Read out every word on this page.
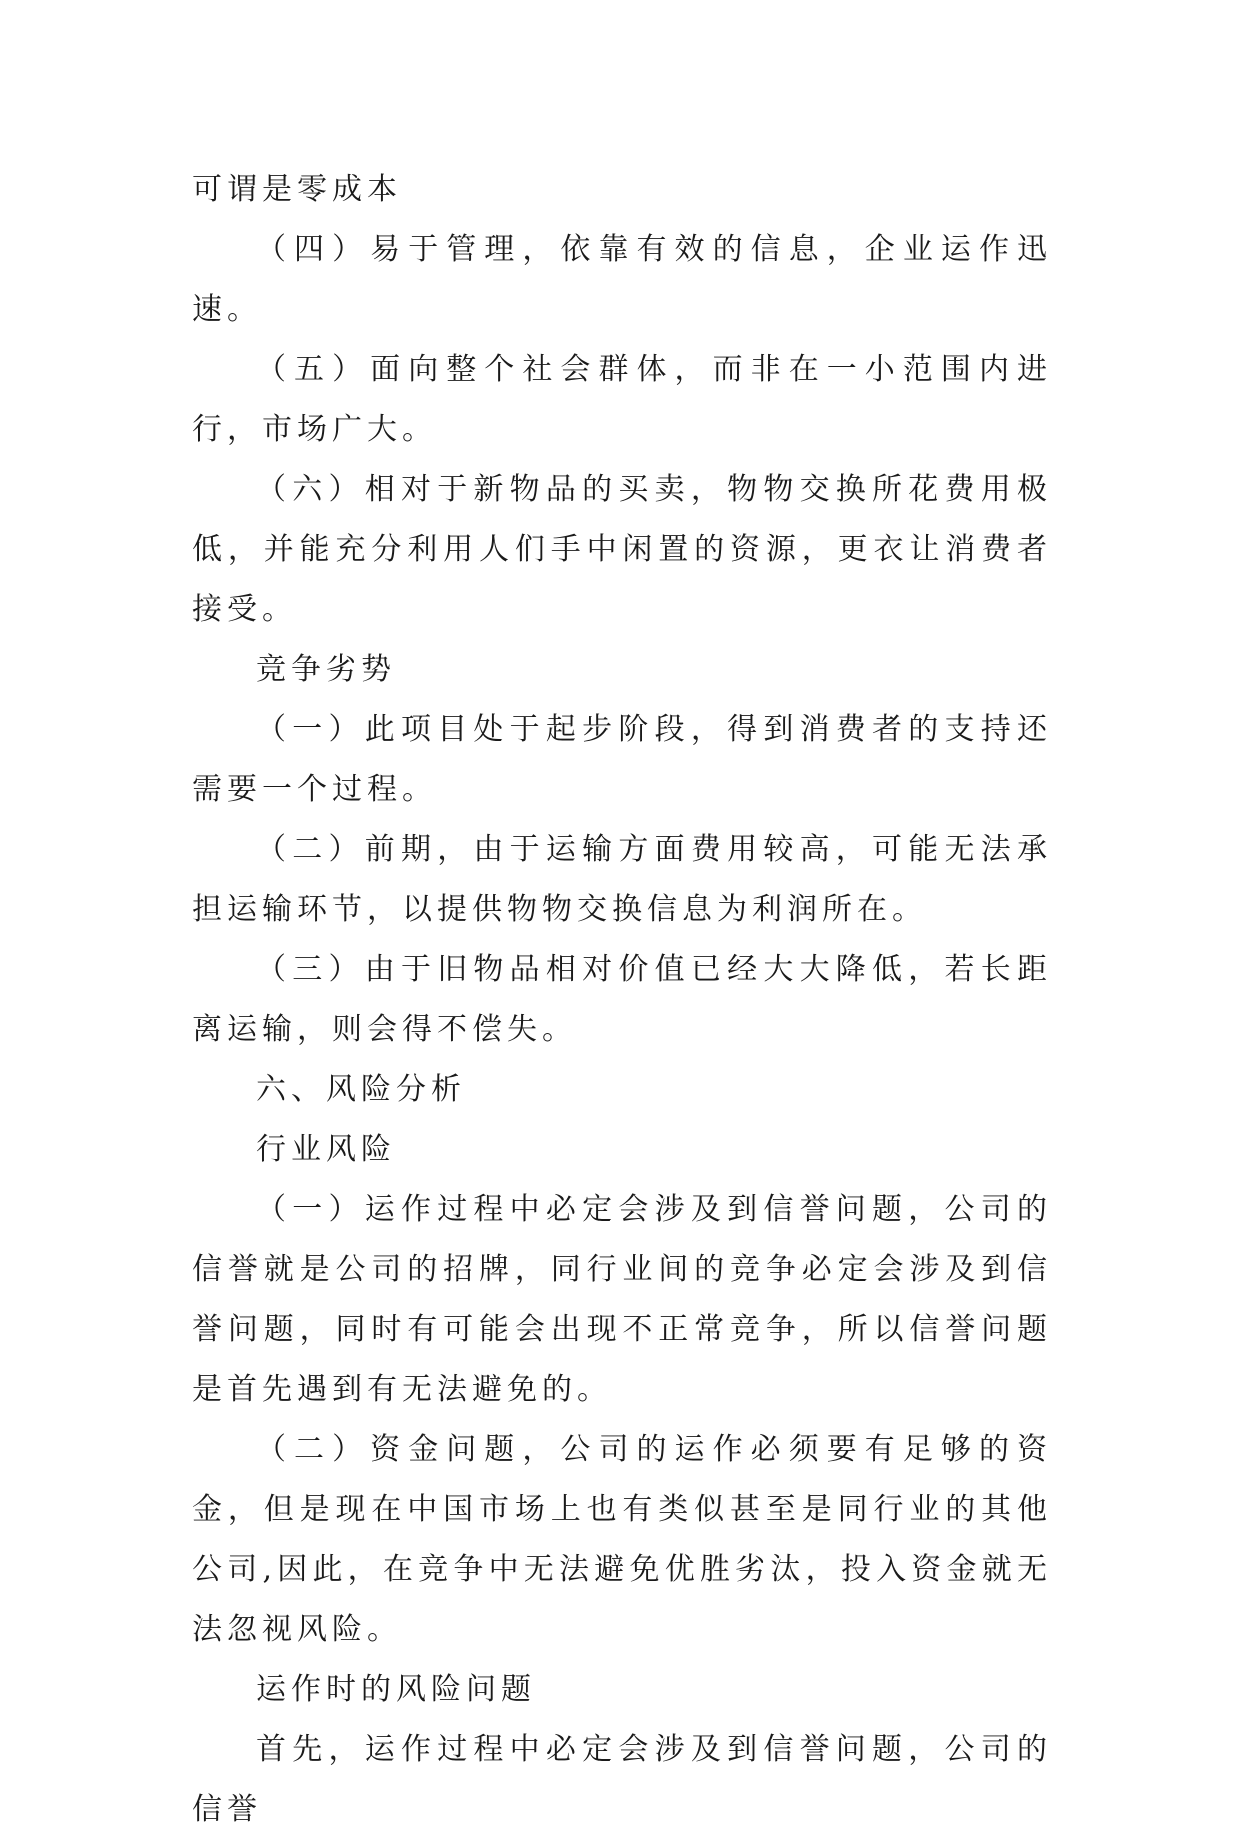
可谓是零成本

（四）易于管理，依靠有效的信息，企业运作迅速。

（五）面向整个社会群体，而非在一小范围内进行，市场广大。

（六）相对于新物品的买卖，物物交换所花费用极低，并能充分利用人们手中闲置的资源，更衣让消费者接受。

竞争劣势

（一）此项目处于起步阶段，得到消费者的支持还需要一个过程。

（二）前期，由于运输方面费用较高，可能无法承担运输环节，以提供物物交换信息为利润所在。

（三）由于旧物品相对价值已经大大降低，若长距离运输，则会得不偿失。

六、风险分析

行业风险

（一）运作过程中必定会涉及到信誉问题，公司的信誉就是公司的招牌，同行业间的竞争必定会涉及到信誉问题，同时有可能会出现不正常竞争，所以信誉问题是首先遇到有无法避免的。

（二）资金问题，公司的运作必须要有足够的资金，但是现在中国市场上也有类似甚至是同行业的其他公司,因此，在竞争中无法避免优胜劣汰，投入资金就无法忽视风险。

运作时的风险问题

首先，运作过程中必定会涉及到信誉问题，公司的信誉
